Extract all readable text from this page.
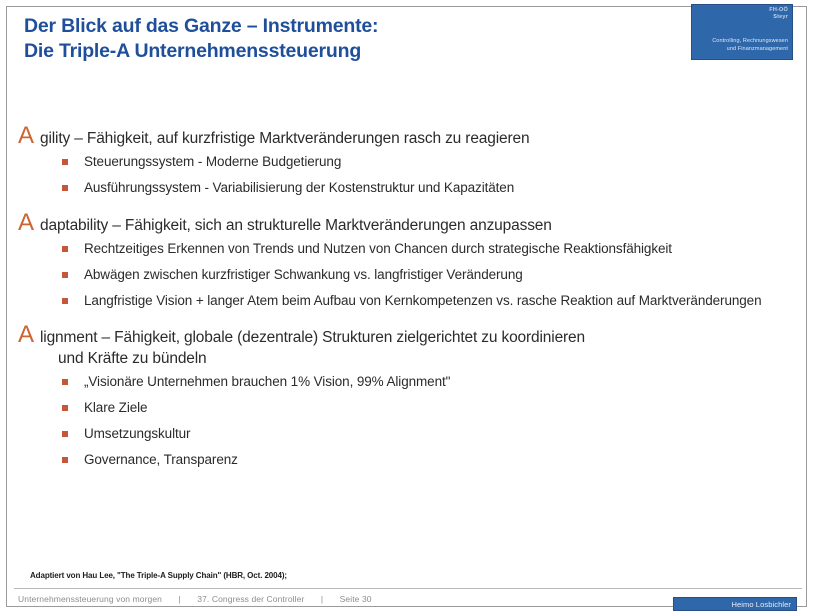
Der Blick auf das Ganze – Instrumente:
Die Triple-A Unternehmenssteuerung
FH-OÖ
Steyr
Controlling, Rechnungswesen
und Finanzmanagement
A gility – Fähigkeit, auf kurzfristige Marktveränderungen rasch zu reagieren
Steuerungssystem - Moderne Budgetierung
Ausführungssystem - Variabilisierung der Kostenstruktur und Kapazitäten
A daptability – Fähigkeit, sich an strukturelle Marktveränderungen anzupassen
Rechtzeitiges Erkennen von Trends und Nutzen von Chancen durch strategische Reaktionsfähigkeit
Abwägen zwischen kurzfristiger Schwankung vs. langfristiger Veränderung
Langfristige Vision + langer Atem beim Aufbau von Kernkompetenzen vs. rasche Reaktion auf Marktveränderungen
A lignment – Fähigkeit, globale (dezentrale) Strukturen zielgerichtet zu koordinieren
und Kräfte zu bündeln
„Visionäre Unternehmen brauchen 1% Vision, 99% Alignment"
Klare Ziele
Umsetzungskultur
Governance, Transparenz
Adaptiert von Hau Lee, "The Triple-A Supply Chain" (HBR, Oct. 2004);
Unternehmenssteuerung von morgen | 37. Congress der Controller | Seite 30
Heimo Losbichler
